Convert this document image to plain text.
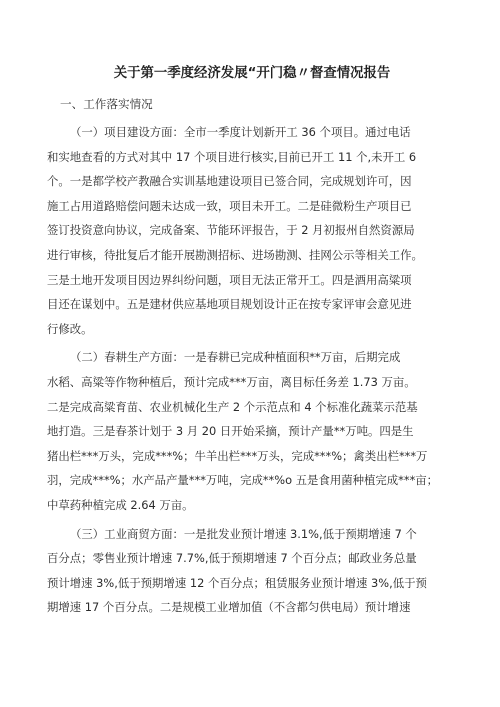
关于第一季度经济发展“开门稳〃督查情况报告
一、工作落实情况
（一）项目建设方面：全市一季度计划新开工 36 个项目。通过电话
和实地查看的方式对其中 17 个项目进行核实,目前已开工 11 个,未开工 6
个。一是都学校产教融合实训基地建设项目已签合同，完成规划许可，因
施工占用道路赔偿问题未达成一致，项目未开工。二是硅微粉生产项目已
签订投资意向协议，完成备案、节能环评报告，于 2 月初报州自然资源局
进行审核，待批复后才能开展勘测招标、进场勘测、挂网公示等相关工作。
三是土地开发项目因边界纠纷问题，项目无法正常开工。四是酒用高粱项
目还在谋划中。五是建材供应基地项目规划设计正在按专家评审会意见进
行修改。
（二）春耕生产方面：一是春耕已完成种植面积**万亩，后期完成
水稻、高粱等作物种植后，预计完成***万亩，离目标任务差 1.73 万亩。
二是完成高粱育苗、农业机械化生产 2 个示范点和 4 个标准化蔬菜示范基
地打造。三是春茶计划于 3 月 20 日开始采摘，预计产量**万吨。四是生
猪出栏***万头，完成***%；牛羊出栏***万头，完成***%；禽类出栏***万
羽，完成***%；水产品产量***万吨，完成**%o 五是食用菌种植完成***亩；
中草药种植完成 2.64 万亩。
（三）工业商贸方面：一是批发业预计增速 3.1%,低于预期增速 7 个
百分点；零售业预计增速 7.7%,低于预期增速 7 个百分点；邮政业务总量
预计增速 3%,低于预期增速 12 个百分点；租赁服务业预计增速 3%,低于预
期增速 17 个百分点。二是规模工业增加值（不含都匀供电局）预计增速
